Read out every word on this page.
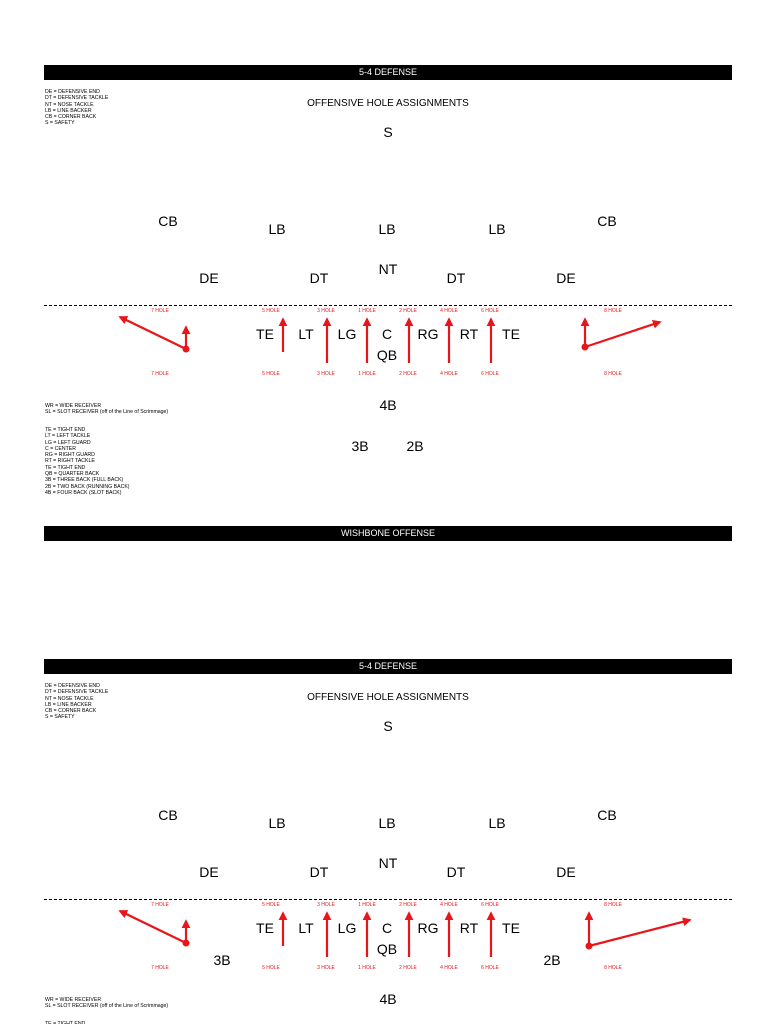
5-4 DEFENSE
DE = DEFENSIVE END
DT = DEFENSIVE TACKLE
NT = NOSE TACKLE
LB = LINE BACKER
CB = CORNER BACK
S = SAFETY
OFFENSIVE HOLE ASSIGNMENTS
S
CB	LB	LB	LB	CB
NT
DE	DT	DT	DE
7 HOLE	5 HOLE	3 HOLE	1 HOLE	2 HOLE	4 HOLE	6 HOLE	8 HOLE
TE LT LG C RG RT TE
QB
7 HOLE	5 HOLE	3 HOLE	1 HOLE	2 HOLE	4 HOLE	6 HOLE	8 HOLE
4B
3B	2B
WR = WIDE RECEIVER
SL = SLOT RECEIVER (off of the Line of Scrimmage)
TE = TIGHT END
LT = LEFT TACKLE
LG = LEFT GUARD
C = CENTER
RG = RIGHT GUARD
RT = RIGHT TACKLE
TE = TIGHT END
QB = QUARTER BACK
3B = THREE BACK (FULL BACK)
2B = TWO BACK (RUNNING BACK)
4B = FOUR BACK (SLOT BACK)
WISHBONE OFFENSE
5-4 DEFENSE
DE = DEFENSIVE END
DT = DEFENSIVE TACKLE
NT = NOSE TACKLE
LB = LINE BACKER
CB = CORNER BACK
S = SAFETY
OFFENSIVE HOLE ASSIGNMENTS
S
CB	LB	LB	LB	CB
NT
DE	DT	DT	DE
7 HOLE	5 HOLE	3 HOLE	1 HOLE	2 HOLE	4 HOLE	6 HOLE	8 HOLE
TE LT LG C RG RT TE
QB
3B	2B
7 HOLE	5 HOLE	3 HOLE	1 HOLE	2 HOLE	4 HOLE	6 HOLE	8 HOLE
4B
WR = WIDE RECEIVER
SL = SLOT RECEIVER (off of the Line of Scrimmage)
TE = TIGHT END
